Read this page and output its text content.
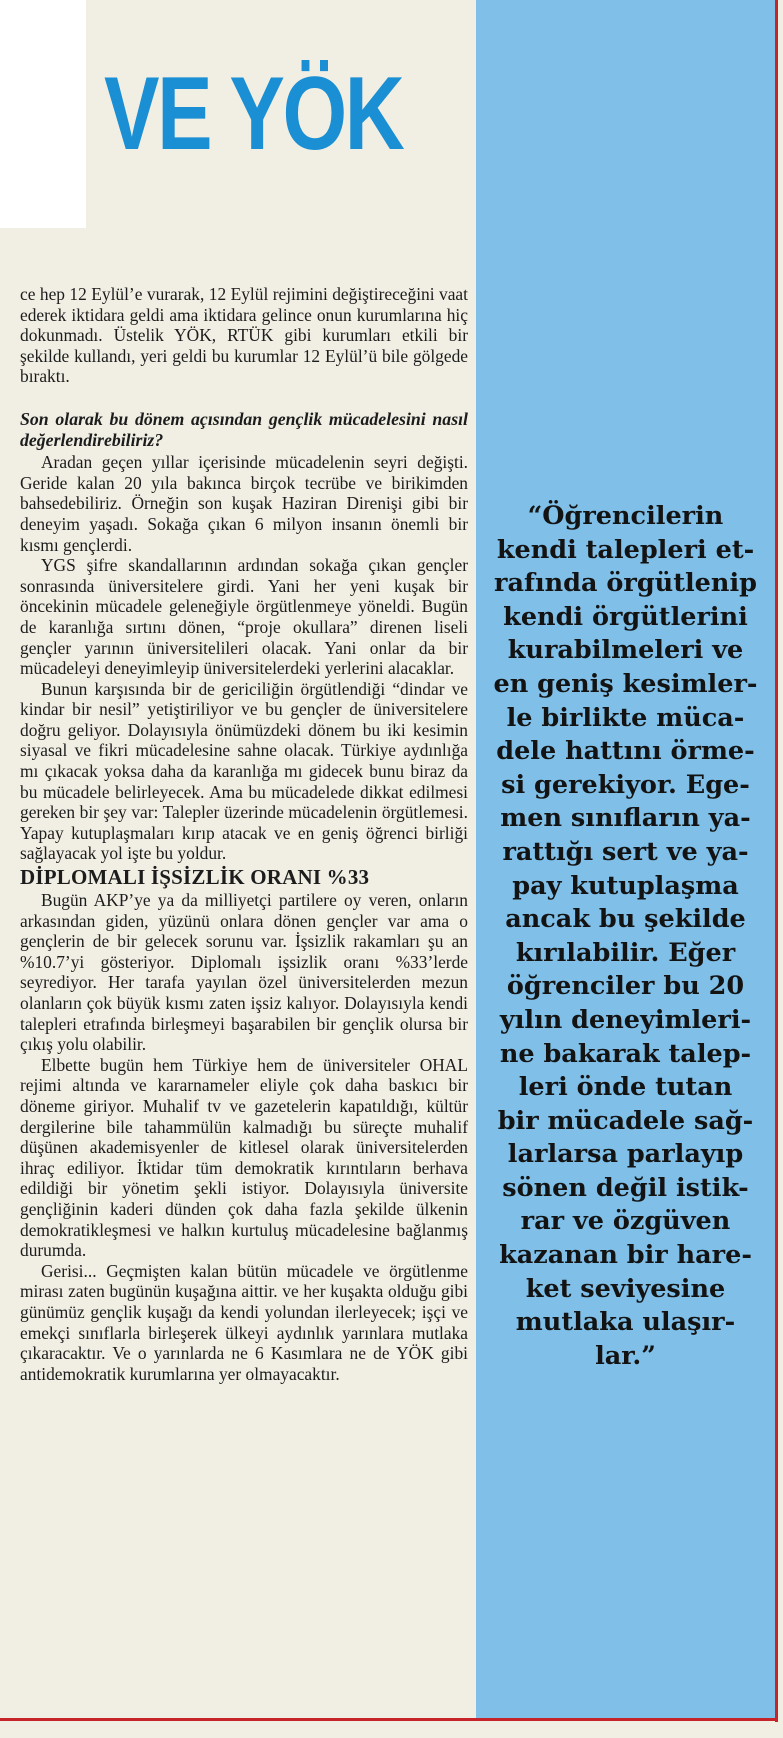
VE YÖK

ce hep 12 Eylül’e vurarak, 12 Eylül rejimini değiştireceğini vaat ederek iktidara geldi ama iktidara gelince onun kurumlarına hiç dokunmadı. Üstelik YÖK, RTÜK gibi kurumları etkili bir şekilde kullandı, yeri geldi bu kurumlar 12 Eylül’ü bile gölgede bıraktı.

Son olarak bu dönem açısından gençlik mücadelesini nasıl değerlendirebiliriz?

Aradan geçen yıllar içerisinde mücadelenin seyri değişti. Geride kalan 20 yıla bakınca birçok tecrübe ve birikimden bahsedebiliriz. Örneğin son kuşak Haziran Direnişi gibi bir deneyim yaşadı. Sokağa çıkan 6 milyon insanın önemli bir kısmı gençlerdi.

YGS şifre skandallarının ardından sokağa çıkan gençler sonrasında üniversitelere girdi. Yani her yeni kuşak bir öncekinin mücadele geleneğiyle örgütlenmeye yöneldi. Bugün de karanlığa sırtını dönen, “proje okullara” direnen liseli gençler yarının üniversitelileri olacak. Yani onlar da bir mücadeleyi deneyimleyip üniversitelerdeki yerlerini alacaklar.

Bunun karşısında bir de gericiliğin örgütlendiği “dindar ve kindar bir nesil” yetiştiriliyor ve bu gençler de üniversitelere doğru geliyor. Dolayısıyla önümüzdeki dönem bu iki kesimin siyasal ve fikri mücadelesine sahne olacak. Türkiye aydınlığa mı çıkacak yoksa daha da karanlığa mı gidecek bunu biraz da bu mücadele belirleyecek. Ama bu mücadelede dikkat edilmesi gereken bir şey var: Talepler üzerinde mücadelenin örgütlemesi. Yapay kutuplaşmaları kırıp atacak ve en geniş öğrenci birliği sağlayacak yol işte bu yoldur.

DİPLOMALI İŞSİZLİK ORANI %33

Bugün AKP’ye ya da milliyetçi partilere oy veren, onların arkasından giden, yüzünü onlara dönen gençler var ama o gençlerin de bir gelecek sorunu var. İşsizlik rakamları şu an %10.7’yi gösteriyor. Diplomalı işsizlik oranı %33’lerde seyrediyor. Her tarafa yayılan özel üniversitelerden mezun olanların çok büyük kısmı zaten işsiz kalıyor. Dolayısıyla kendi talepleri etrafında birleşmeyi başarabilen bir gençlik olursa bir çıkış yolu olabilir.

Elbette bugün hem Türkiye hem de üniversiteler OHAL rejimi altında ve kararnameler eliyle çok daha baskıcı bir döneme giriyor. Muhalif tv ve gazetelerin kapatıldığı, kültür dergilerine bile tahammülün kalmadığı bu süreçte muhalif düşünen akademisyenler de kitlesel olarak üniversitelerden ihraç ediliyor. İktidar tüm demokratik kırıntıların berhava edildiği bir yönetim şekli istiyor. Dolayısıyla üniversite gençliğinin kaderi dünden çok daha fazla şekilde ülkenin demokratikleşmesi ve halkın kurtuluş mücadelesine bağlanmış durumda.

Gerisi... Geçmişten kalan bütün mücadele ve örgütlenme mirası zaten bugünün kuşağına aittir. ve her kuşakta olduğu gibi günümüz gençlik kuşağı da kendi yolundan ilerleyecek; işçi ve emekçi sınıflarla birleşerek ülkeyi aydınlık yarınlara mutlaka çıkaracaktır. Ve o yarınlarda ne 6 Kasımlara ne de YÖK gibi antidemokratik kurumlarına yer olmayacaktır.

“Öğrencilerin
kendi talepleri et-
rafında örgütlenip
kendi örgütlerini
kurabilmeleri ve
en geniş kesimler-
le birlikte müca-
dele hattını örme-
si gerekiyor. Ege-
men sınıfların ya-
rattığı sert ve ya-
pay kutuplaşma
ancak bu şekilde
kırılabilir. Eğer
öğrenciler bu 20
yılın deneyimleri-
ne bakarak talep-
leri önde tutan
bir mücadele sağ-
larlarsa parlayıp
sönen değil istik-
rar ve özgüven
kazanan bir hare-
ket seviyesine
mutlaka ulaşır-
lar.”
